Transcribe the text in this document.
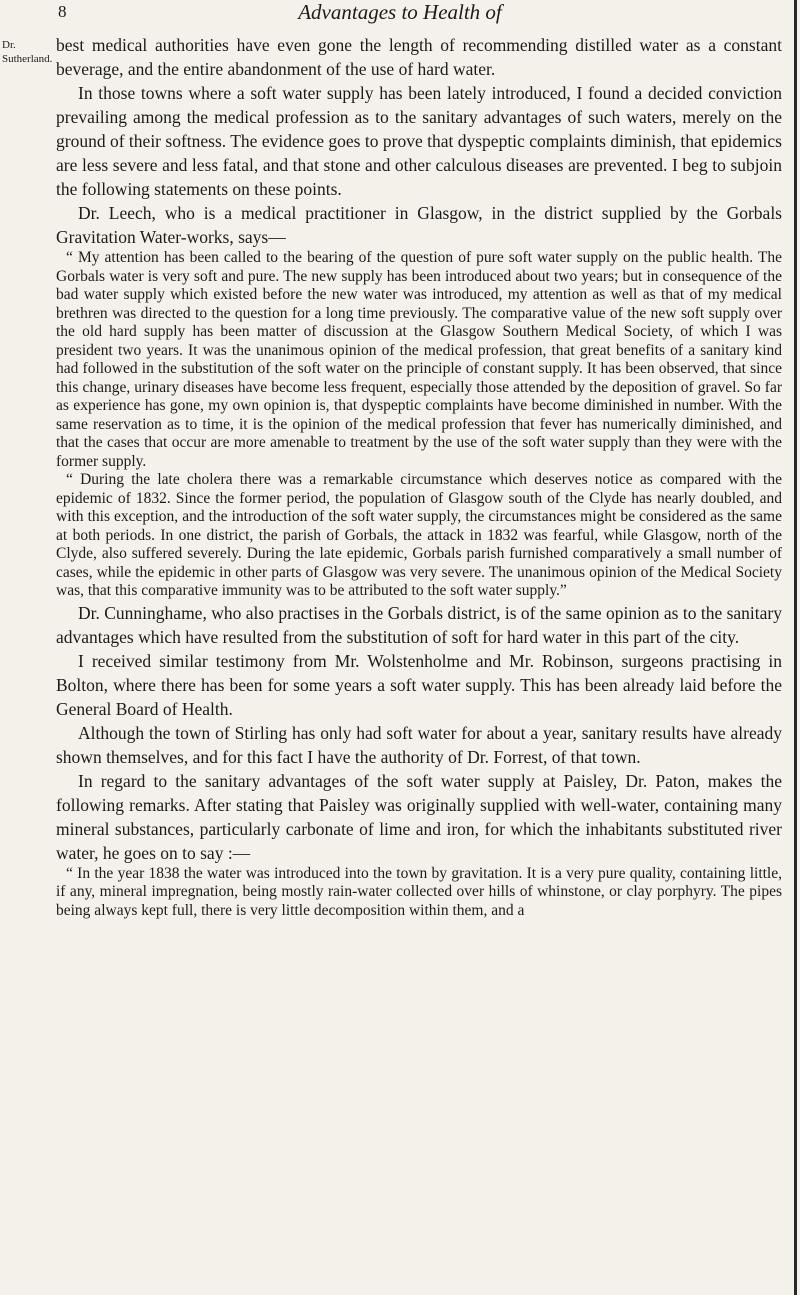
8	Advantages to Health of
Dr.
Sutherland.

best medical authorities have even gone the length of recommending distilled water as a constant beverage, and the entire abandonment of the use of hard water.

In those towns where a soft water supply has been lately introduced, I found a decided conviction prevailing among the medical profession as to the sanitary advantages of such waters, merely on the ground of their softness. The evidence goes to prove that dyspeptic complaints diminish, that epidemics are less severe and less fatal, and that stone and other calculous diseases are prevented. I beg to subjoin the following statements on these points.

Dr. Leech, who is a medical practitioner in Glasgow, in the district supplied by the Gorbals Gravitation Water-works, says—

“ My attention has been called to the bearing of the question of pure soft water supply on the public health. The Gorbals water is very soft and pure. The new supply has been introduced about two years; but in consequence of the bad water supply which existed before the new water was introduced, my attention as well as that of my medical brethren was directed to the question for a long time previously. The comparative value of the new soft supply over the old hard supply has been matter of discussion at the Glasgow Southern Medical Society, of which I was president two years. It was the unanimous opinion of the medical profession, that great benefits of a sanitary kind had followed in the substitution of the soft water on the principle of constant supply. It has been observed, that since this change, urinary diseases have become less frequent, especially those attended by the deposition of gravel. So far as experience has gone, my own opinion is, that dyspeptic complaints have become diminished in number. With the same reservation as to time, it is the opinion of the medical profession that fever has numerically diminished, and that the cases that occur are more amenable to treatment by the use of the soft water supply than they were with the former supply.

“ During the late cholera there was a remarkable circumstance which deserves notice as compared with the epidemic of 1832. Since the former period, the population of Glasgow south of the Clyde has nearly doubled, and with this exception, and the introduction of the soft water supply, the circumstances might be considered as the same at both periods. In one district, the parish of Gorbals, the attack in 1832 was fearful, while Glasgow, north of the Clyde, also suffered severely. During the late epidemic, Gorbals parish furnished comparatively a small number of cases, while the epidemic in other parts of Glasgow was very severe. The unanimous opinion of the Medical Society was, that this comparative immunity was to be attributed to the soft water supply.”

Dr. Cunninghame, who also practises in the Gorbals district, is of the same opinion as to the sanitary advantages which have resulted from the substitution of soft for hard water in this part of the city.

I received similar testimony from Mr. Wolstenholme and Mr. Robinson, surgeons practising in Bolton, where there has been for some years a soft water supply. This has been already laid before the General Board of Health.

Although the town of Stirling has only had soft water for about a year, sanitary results have already shown themselves, and for this fact I have the authority of Dr. Forrest, of that town.

In regard to the sanitary advantages of the soft water supply at Paisley, Dr. Paton, makes the following remarks. After stating that Paisley was originally supplied with well-water, containing many mineral substances, particularly carbonate of lime and iron, for which the inhabitants substituted river water, he goes on to say :—

“ In the year 1838 the water was introduced into the town by gravitation. It is a very pure quality, containing little, if any, mineral impregnation, being mostly rain-water collected over hills of whinstone, or clay porphyry. The pipes being always kept full, there is very little decomposition within them, and a
